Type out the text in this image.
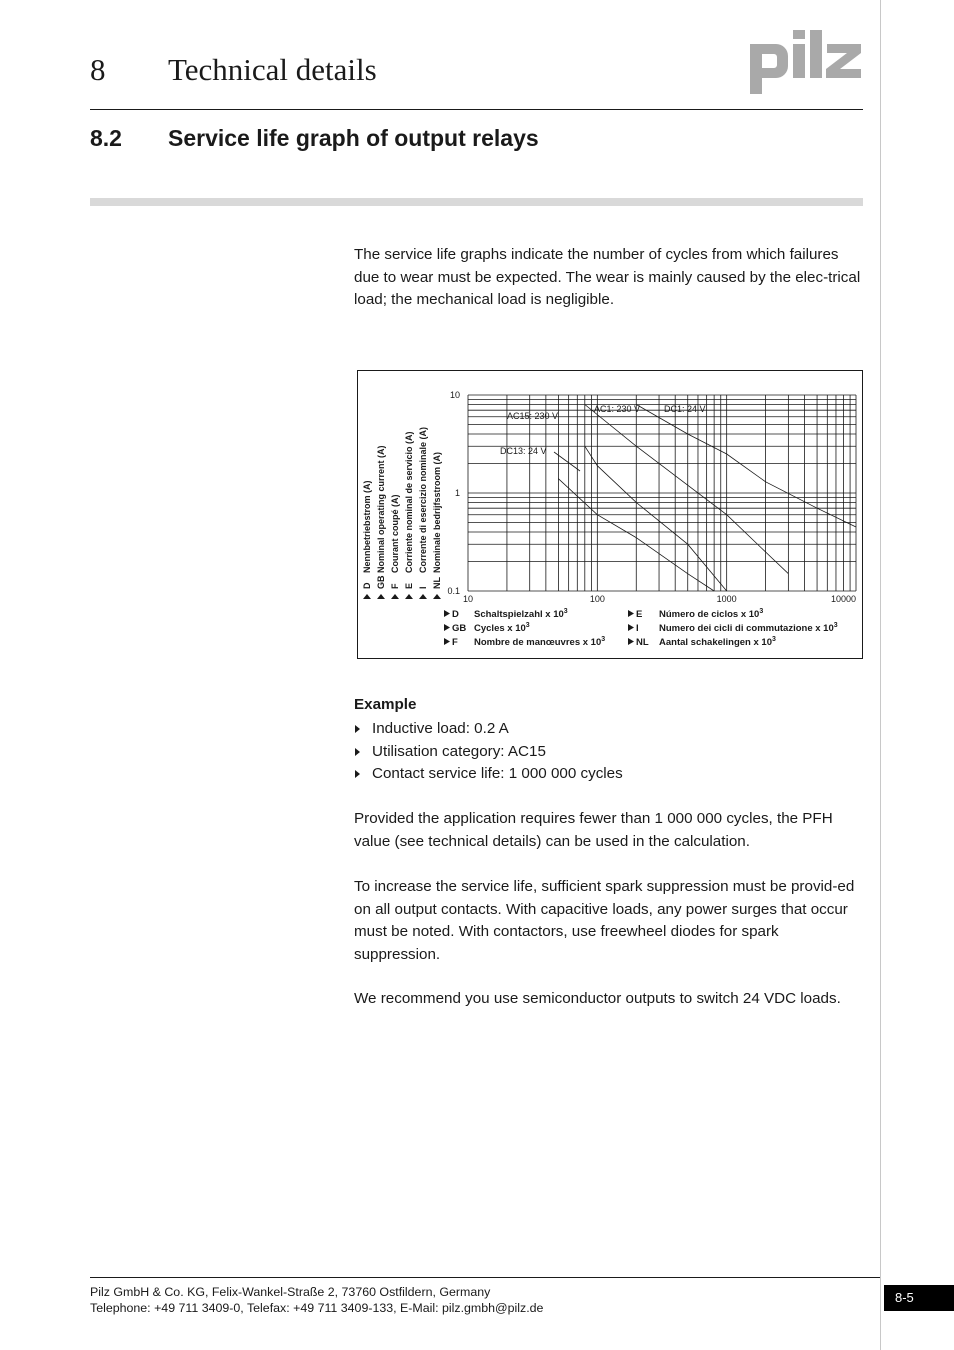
8 Technical details
8.2 Service life graph of output relays
The service life graphs indicate the number of cycles from which failures due to wear must be expected. The wear is mainly caused by the elec-trical load; the mechanical load is negligible.
D
Nennbetriebstrom (A)
GB
Nominal operating current (A)
F
Courant coupé (A)
E
Corriente nominal de servicio (A)
I
Corrente di esercizio nominale (A)
NL
Nominale bedrijfsstroom (A)
10
1
0.1
10	100	1000	10000
AC15: 230 V
AC1: 230 V	DC1: 24 V
DC13: 24 V
D Schaltspielzahl x $10^3$
GB Cycles x $10^3$
F Nombre de manœuvres x $10^3$
E Número de ciclos x $10^3$
I Numero dei cicli di commutazione x $10^3$
NL Aantal schakelingen x $10^3$
Example
Inductive load: 0.2 A
Utilisation category: AC15
Contact service life: 1 000 000 cycles
Provided the application requires fewer than 1 000 000 cycles, the PFH value (see technical details) can be used in the calculation.
To increase the service life, sufficient spark suppression must be provid-ed on all output contacts. With capacitive loads, any power surges that occur must be noted. With contactors, use freewheel diodes for spark suppression.
We recommend you use semiconductor outputs to switch 24 VDC loads.
Pilz GmbH & Co. KG, Felix-Wankel-Straße 2, 73760 Ostfildern, Germany
Telephone: +49 711 3409-0, Telefax: +49 711 3409-133, E-Mail: pilz.gmbh@pilz.de
8-5
